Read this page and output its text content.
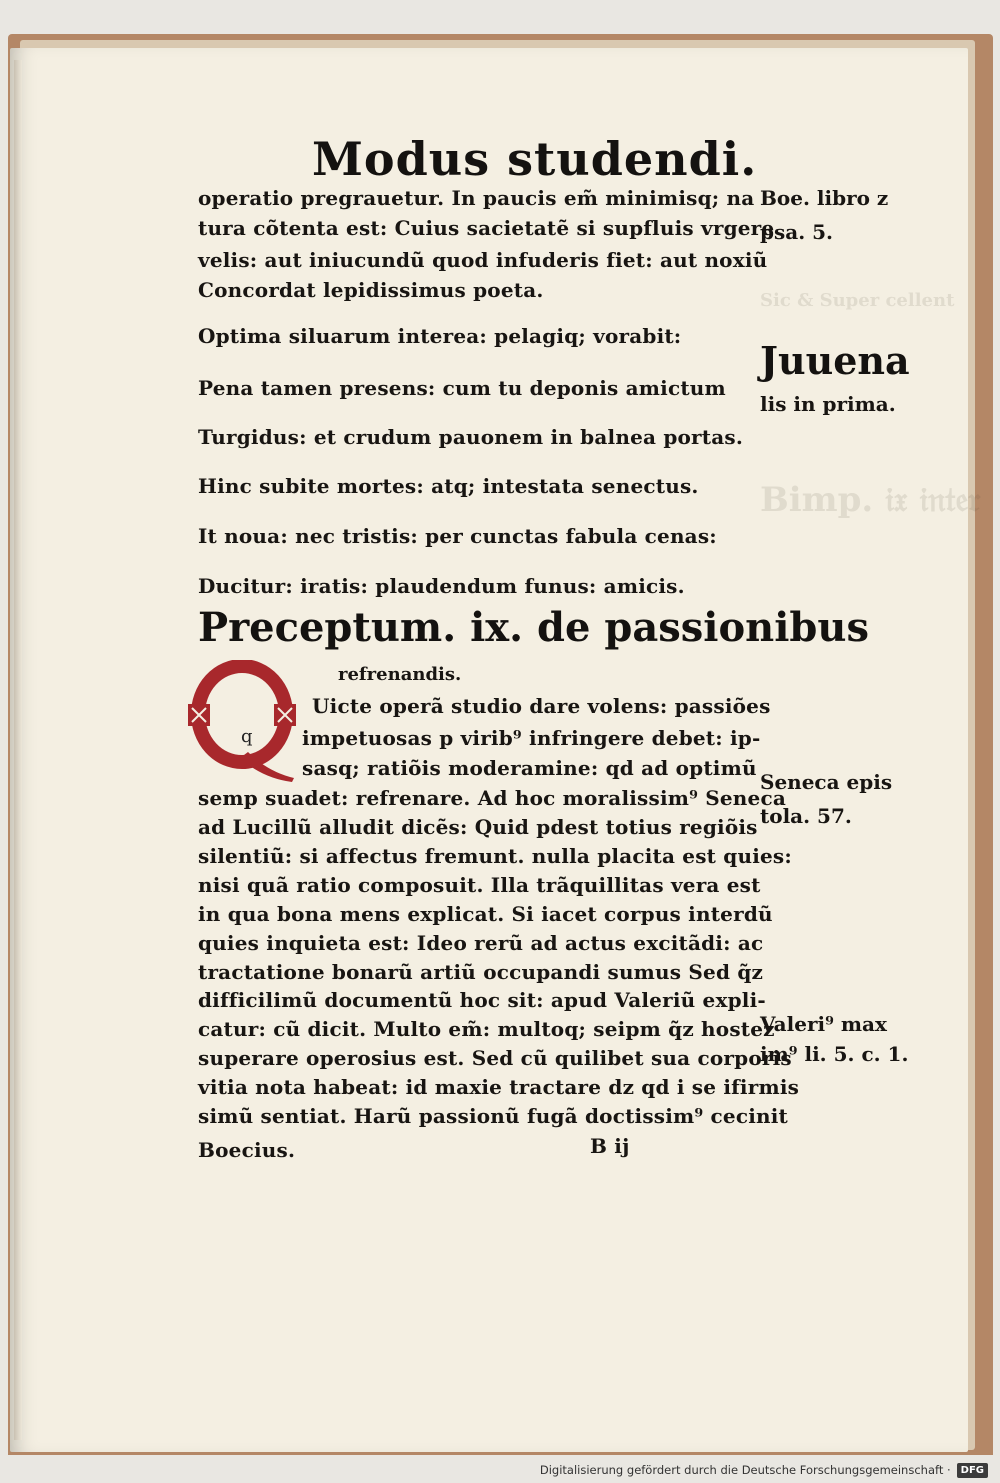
Sic & Super cellent
Bimp. 𝔦𝔵 𝔦𝔫𝔱𝔢𝔯
Modus studendi.
operatio pregrauetur. In paucis em̃ minimisq; na
tura cõtenta est: Cuius sacietatẽ si supfluis vrgere
velis: aut iniucundũ quod infuderis fiet: aut noxiũ
Concordat lepidissimus poeta.
Optima siluarum interea: pelagiq; vorabit:
Pena tamen presens: cum tu deponis amictum
Turgidus: et crudum pauonem in balnea portas.
Hinc subite mortes: atq; intestata senectus.
It noua: nec tristis: per cunctas fabula cenas:
Ducitur: iratis: plaudendum funus: amicis.
Preceptum. ix. de passionibus
refrenandis.
q
Uicte operã studio dare volens: passiões
impetuosas p virib⁹ infringere debet: ip-
sasq; ratiõis moderamine: qd ad optimũ
semp suadet: refrenare. Ad hoc moralissim⁹ Seneca
ad Lucillũ alludit dicẽs: Quid pdest totius regiõis
silentiũ: si affectus fremunt. nulla placita est quies:
nisi quã ratio composuit. Illa trãquillitas vera est
in qua bona mens explicat. Si iacet corpus interdũ
quies inquieta est: Ideo rerũ ad actus excitãdi: ac
tractatione bonarũ artiũ occupandi sumus Sed q̃z
difficilimũ documentũ hoc sit: apud Valeriũ expli-
catur: cũ dicit. Multo em̃: multoq; seipm q̃z hostez
superare operosius est. Sed cũ quilibet sua corporis
vitia nota habeat: id maxie tractare dz qd i se ifirmis
simũ sentiat. Harũ passionũ fugã doctissim⁹ cecinit
Boecius.	B ij
Boe. libro z
psa. 5.
Juuena
lis in prima.
Seneca epis
tola. 57.
Valeri⁹ max
im⁹ li. 5. c. 1.
Digitalisierung gefördert durch die Deutsche Forschungsgemeinschaft ·	DFG
